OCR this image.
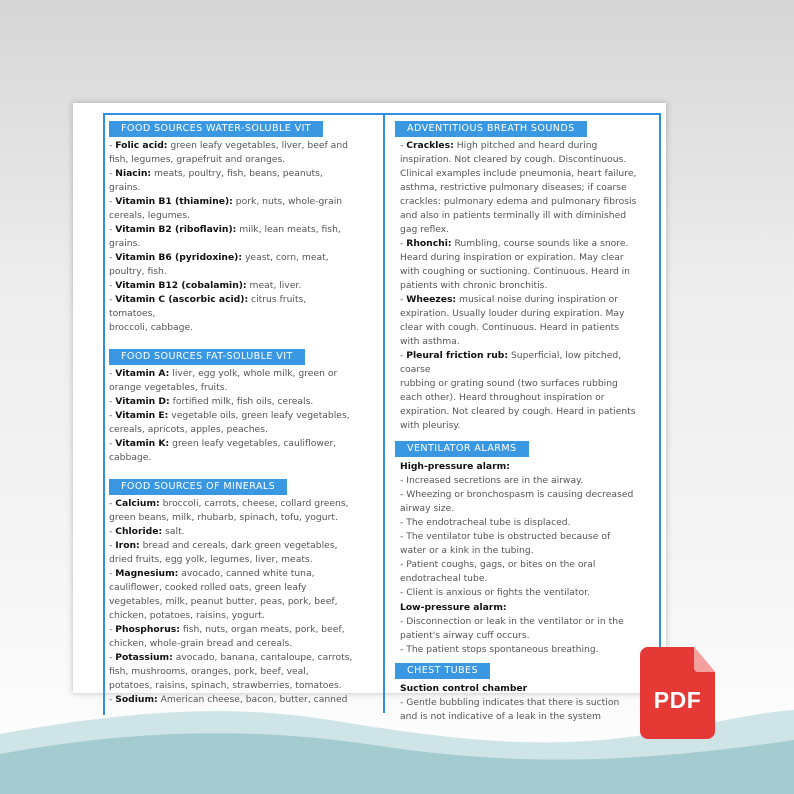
FOOD SOURCES WATER-SOLUBLE VIT
- Folic acid: green leafy vegetables, liver, beef and
fish, legumes, grapefruit and oranges.
- Niacin: meats, poultry, fish, beans, peanuts,
grains.
- Vitamin B1 (thiamine): pork, nuts, whole-grain
cereals, legumes.
- Vitamin B2 (riboflavin): milk, lean meats, fish,
grains.
- Vitamin B6 (pyridoxine): yeast, corn, meat,
poultry, fish.
- Vitamin B12 (cobalamin): meat, liver.
- Vitamin C (ascorbic acid): citrus fruits, tomatoes,
broccoli, cabbage.
FOOD SOURCES FAT-SOLUBLE VIT
- Vitamin A: liver, egg yolk, whole milk, green or
orange vegetables, fruits.
- Vitamin D: fortified milk, fish oils, cereals.
- Vitamin E: vegetable oils, green leafy vegetables,
cereals, apricots, apples, peaches.
- Vitamin K: green leafy vegetables, cauliflower,
cabbage.
FOOD SOURCES OF MINERALS
- Calcium: broccoli, carrots, cheese, collard greens,
green beans, milk, rhubarb, spinach, tofu, yogurt.
- Chloride: salt.
- Iron: bread and cereals, dark green vegetables,
dried fruits, egg yolk, legumes, liver, meats.
- Magnesium: avocado, canned white tuna,
cauliflower, cooked rolled oats, green leafy
vegetables, milk, peanut butter, peas, pork, beef,
chicken, potatoes, raisins, yogurt.
- Phosphorus: fish, nuts, organ meats, pork, beef,
chicken, whole-grain bread and cereals.
- Potassium: avocado, banana, cantaloupe, carrots,
fish, mushrooms, oranges, pork, beef, veal,
potatoes, raisins, spinach, strawberries, tomatoes.
- Sodium: American cheese, bacon, butter, canned
ADVENTITIOUS BREATH SOUNDS
- Crackles: High pitched and heard during
inspiration. Not cleared by cough. Discontinuous.
Clinical examples include pneumonia, heart failure,
asthma, restrictive pulmonary diseases; if coarse
crackles: pulmonary edema and pulmonary fibrosis
and also in patients terminally ill with diminished
gag reflex.
- Rhonchi: Rumbling, course sounds like a snore.
Heard during inspiration or expiration. May clear
with coughing or suctioning. Continuous. Heard in
patients with chronic bronchitis.
- Wheezes: musical noise during inspiration or
expiration. Usually louder during expiration. May
clear with cough. Continuous. Heard in patients
with asthma.
- Pleural friction rub: Superficial, low pitched, coarse
rubbing or grating sound (two surfaces rubbing
each other). Heard throughout inspiration or
expiration. Not cleared by cough. Heard in patients
with pleurisy.
VENTILATOR ALARMS
High-pressure alarm:
- Increased secretions are in the airway.
- Wheezing or bronchospasm is causing decreased
airway size.
- The endotracheal tube is displaced.
- The ventilator tube is obstructed because of
water or a kink in the tubing.
- Patient coughs, gags, or bites on the oral
endotracheal tube.
- Client is anxious or fights the ventilator.
Low-pressure alarm:
- Disconnection or leak in the ventilator or in the
patient's airway cuff occurs.
- The patient stops spontaneous breathing.
CHEST TUBES
Suction control chamber
- Gentle bubbling indicates that there is suction
and is not indicative of a leak in the system
PDF
